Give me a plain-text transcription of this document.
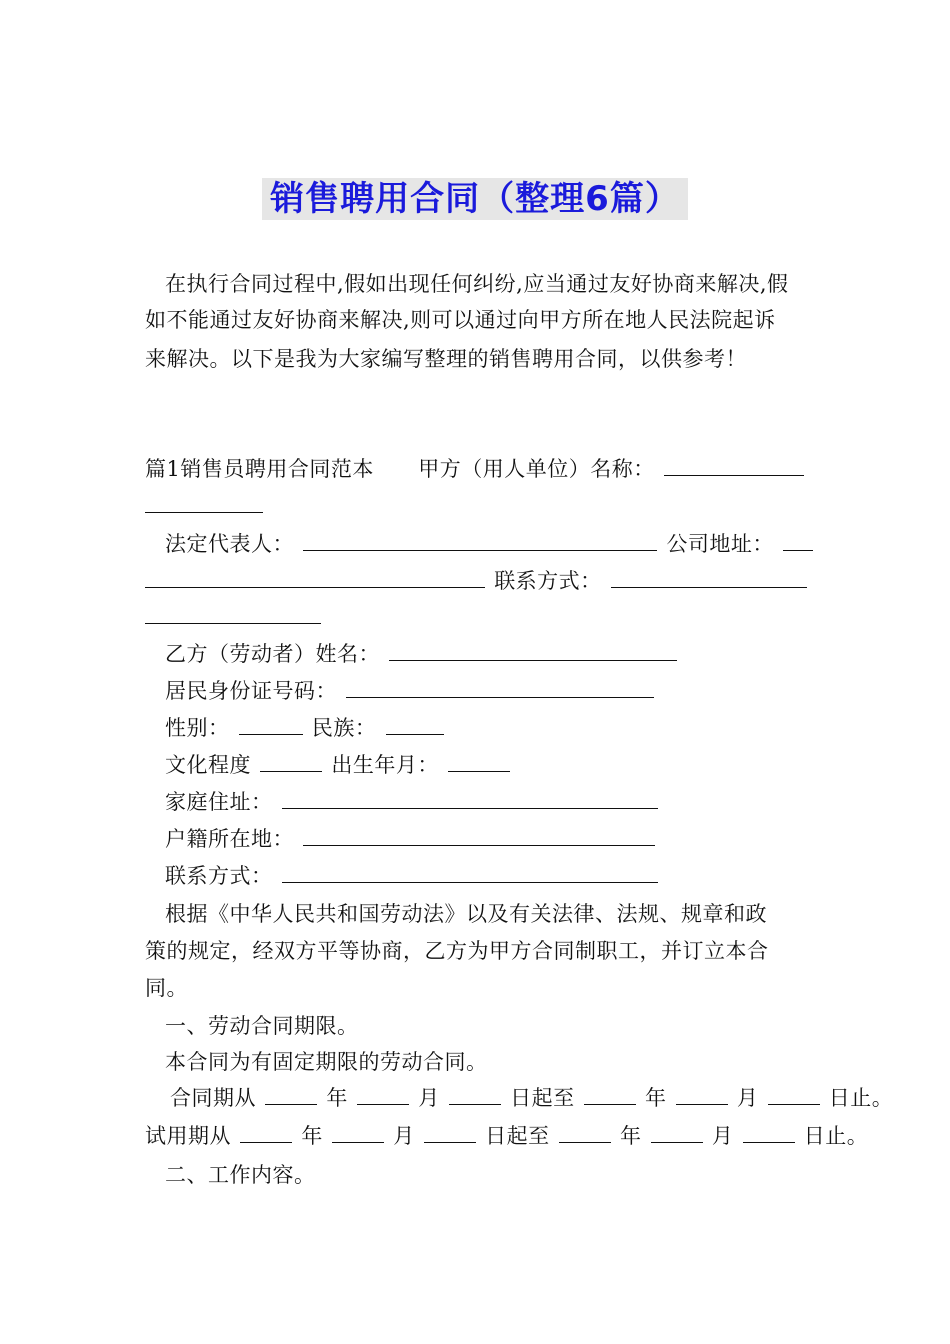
销售聘用合同（整理6篇）
在执行合同过程中,假如出现任何纠纷,应当通过友好协商来解决,假
如不能通过友好协商来解决,则可以通过向甲方所在地人民法院起诉
来解决。以下是我为大家编写整理的销售聘用合同，以供参考！
篇1销售员聘用合同范本 甲方（用人单位）名称：
法定代表人：	公司地址：
联系方式：
乙方（劳动者）姓名：
居民身份证号码：
性别：	民族：
文化程度	出生年月：
家庭住址：
户籍所在地：
联系方式：
根据《中华人民共和国劳动法》以及有关法律、法规、规章和政
策的规定，经双方平等协商，乙方为甲方合同制职工，并订立本合
同。
一、劳动合同期限。
本合同为有固定期限的劳动合同。
合同期从	年	月	日起至	年	月	日止。
试用期从	年	月	日起至	年	月	日止。
二、工作内容。
